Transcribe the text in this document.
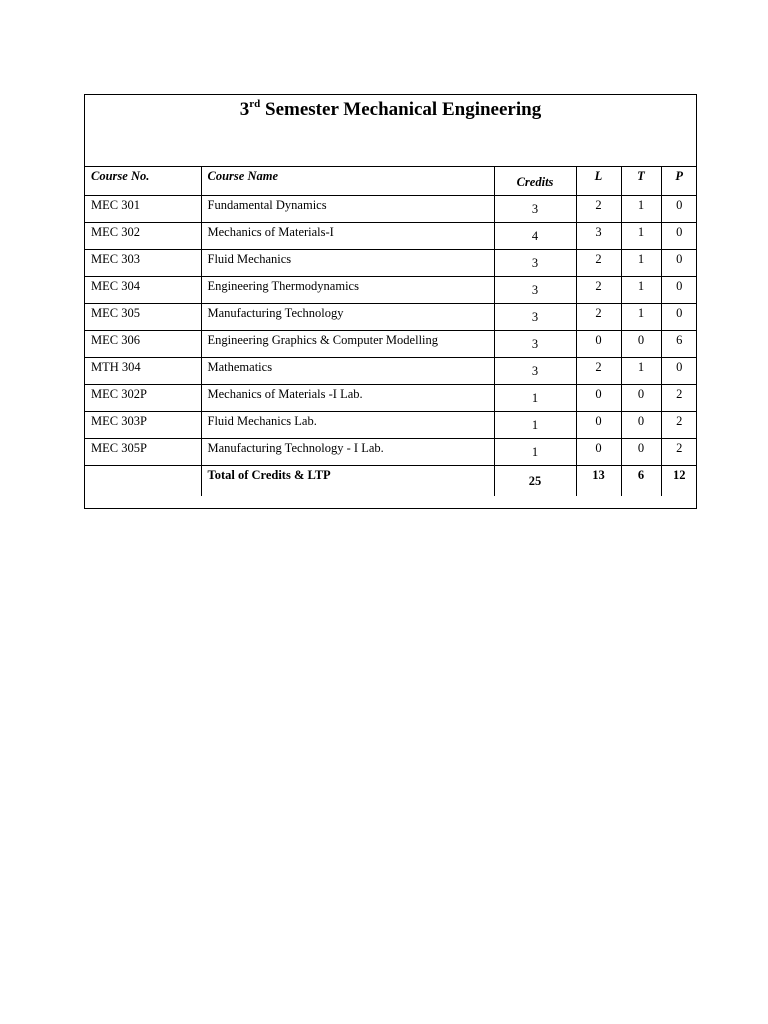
3rd Semester Mechanical Engineering
Course No.	Course Name	Credits	L	T	P
MEC 301	Fundamental Dynamics	3	2	1	0
MEC 302	Mechanics of Materials-I	4	3	1	0
MEC 303	Fluid Mechanics	3	2	1	0
MEC 304	Engineering Thermodynamics	3	2	1	0
MEC 305	Manufacturing Technology	3	2	1	0
MEC 306	Engineering Graphics & Computer Modelling	3	0	0	6
MTH 304	Mathematics	3	2	1	0
MEC 302P	Mechanics of Materials -I Lab.	1	0	0	2
MEC 303P	Fluid Mechanics Lab.	1	0	0	2
MEC 305P	Manufacturing Technology - I Lab.	1	0	0	2
	Total of Credits & LTP	25	13	6	12
